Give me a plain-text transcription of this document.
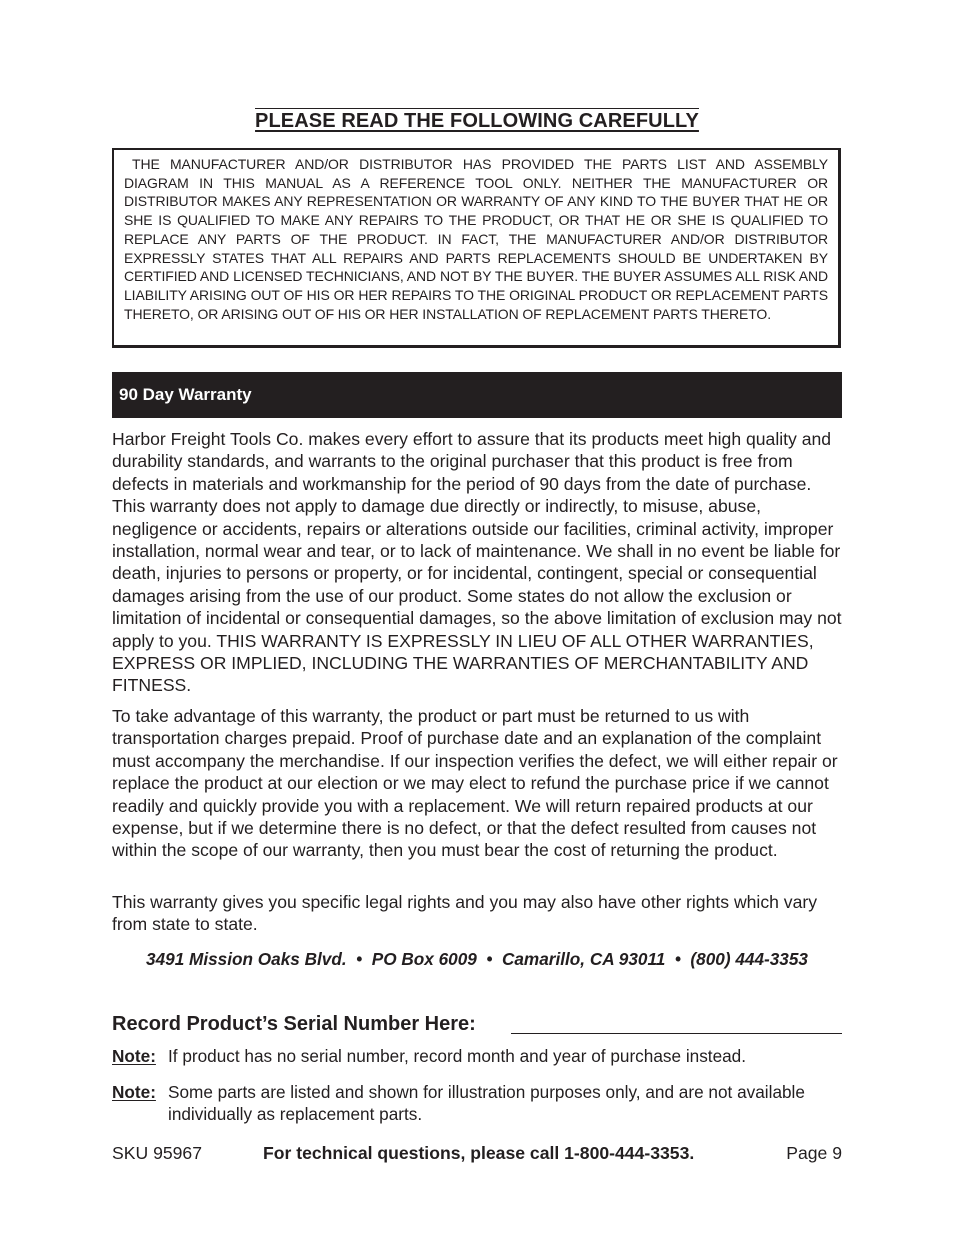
PLEASE READ THE FOLLOWING CAREFULLY
THE MANUFACTURER AND/OR DISTRIBUTOR HAS PROVIDED THE PARTS LIST AND ASSEMBLY DIAGRAM IN THIS MANUAL AS A REFERENCE TOOL ONLY. NEITHER THE MANUFACTURER OR DISTRIBUTOR MAKES ANY REPRESENTATION OR WARRANTY OF ANY KIND TO THE BUYER THAT HE OR SHE IS QUALIFIED TO MAKE ANY REPAIRS TO THE PRODUCT, OR THAT HE OR SHE IS QUALIFIED TO REPLACE ANY PARTS OF THE PRODUCT. IN FACT, THE MANUFACTURER AND/OR DISTRIBUTOR EXPRESSLY STATES THAT ALL REPAIRS AND PARTS REPLACEMENTS SHOULD BE UNDERTAKEN BY CERTIFIED AND LICENSED TECHNICIANS, AND NOT BY THE BUYER. THE BUYER ASSUMES ALL RISK AND LIABILITY ARISING OUT OF HIS OR HER REPAIRS TO THE ORIGINAL PRODUCT OR REPLACEMENT PARTS THERETO, OR ARISING OUT OF HIS OR HER INSTALLATION OF REPLACEMENT PARTS THERETO.
90 Day Warranty

Harbor Freight Tools Co. makes every effort to assure that its products meet high quality and durability standards, and warrants to the original purchaser that this product is free from defects in materials and workmanship for the period of 90 days from the date of purchase. This warranty does not apply to damage due directly or indirectly, to misuse, abuse, negligence or accidents, repairs or alterations outside our facilities, criminal activity, improper installation, normal wear and tear, or to lack of maintenance. We shall in no event be liable for death, injuries to persons or property, or for incidental, contingent, special or consequential damages arising from the use of our product. Some states do not allow the exclusion or limitation of incidental or consequential damages, so the above limitation of exclusion may not apply to you. THIS WARRANTY IS EXPRESSLY IN LIEU OF ALL OTHER WARRANTIES, EXPRESS OR IMPLIED, INCLUDING THE WARRANTIES OF MERCHANTABILITY AND FITNESS.

To take advantage of this warranty, the product or part must be returned to us with transportation charges prepaid. Proof of purchase date and an explanation of the complaint must accompany the merchandise. If our inspection verifies the defect, we will either repair or replace the product at our election or we may elect to refund the purchase price if we cannot readily and quickly provide you with a replacement. We will return repaired products at our expense, but if we determine there is no defect, or that the defect resulted from causes not within the scope of our warranty, then you must bear the cost of returning the product.

This warranty gives you specific legal rights and you may also have other rights which vary from state to state.

3491 Mission Oaks Blvd.  •  PO Box 6009  •  Camarillo, CA 93011  •  (800) 444-3353
Record Product’s Serial Number Here:
Note: If product has no serial number, record month and year of purchase instead.
Note: Some parts are listed and shown for illustration purposes only, and are not available individually as replacement parts.
SKU 95967	For technical questions, please call 1-800-444-3353.	Page 9
